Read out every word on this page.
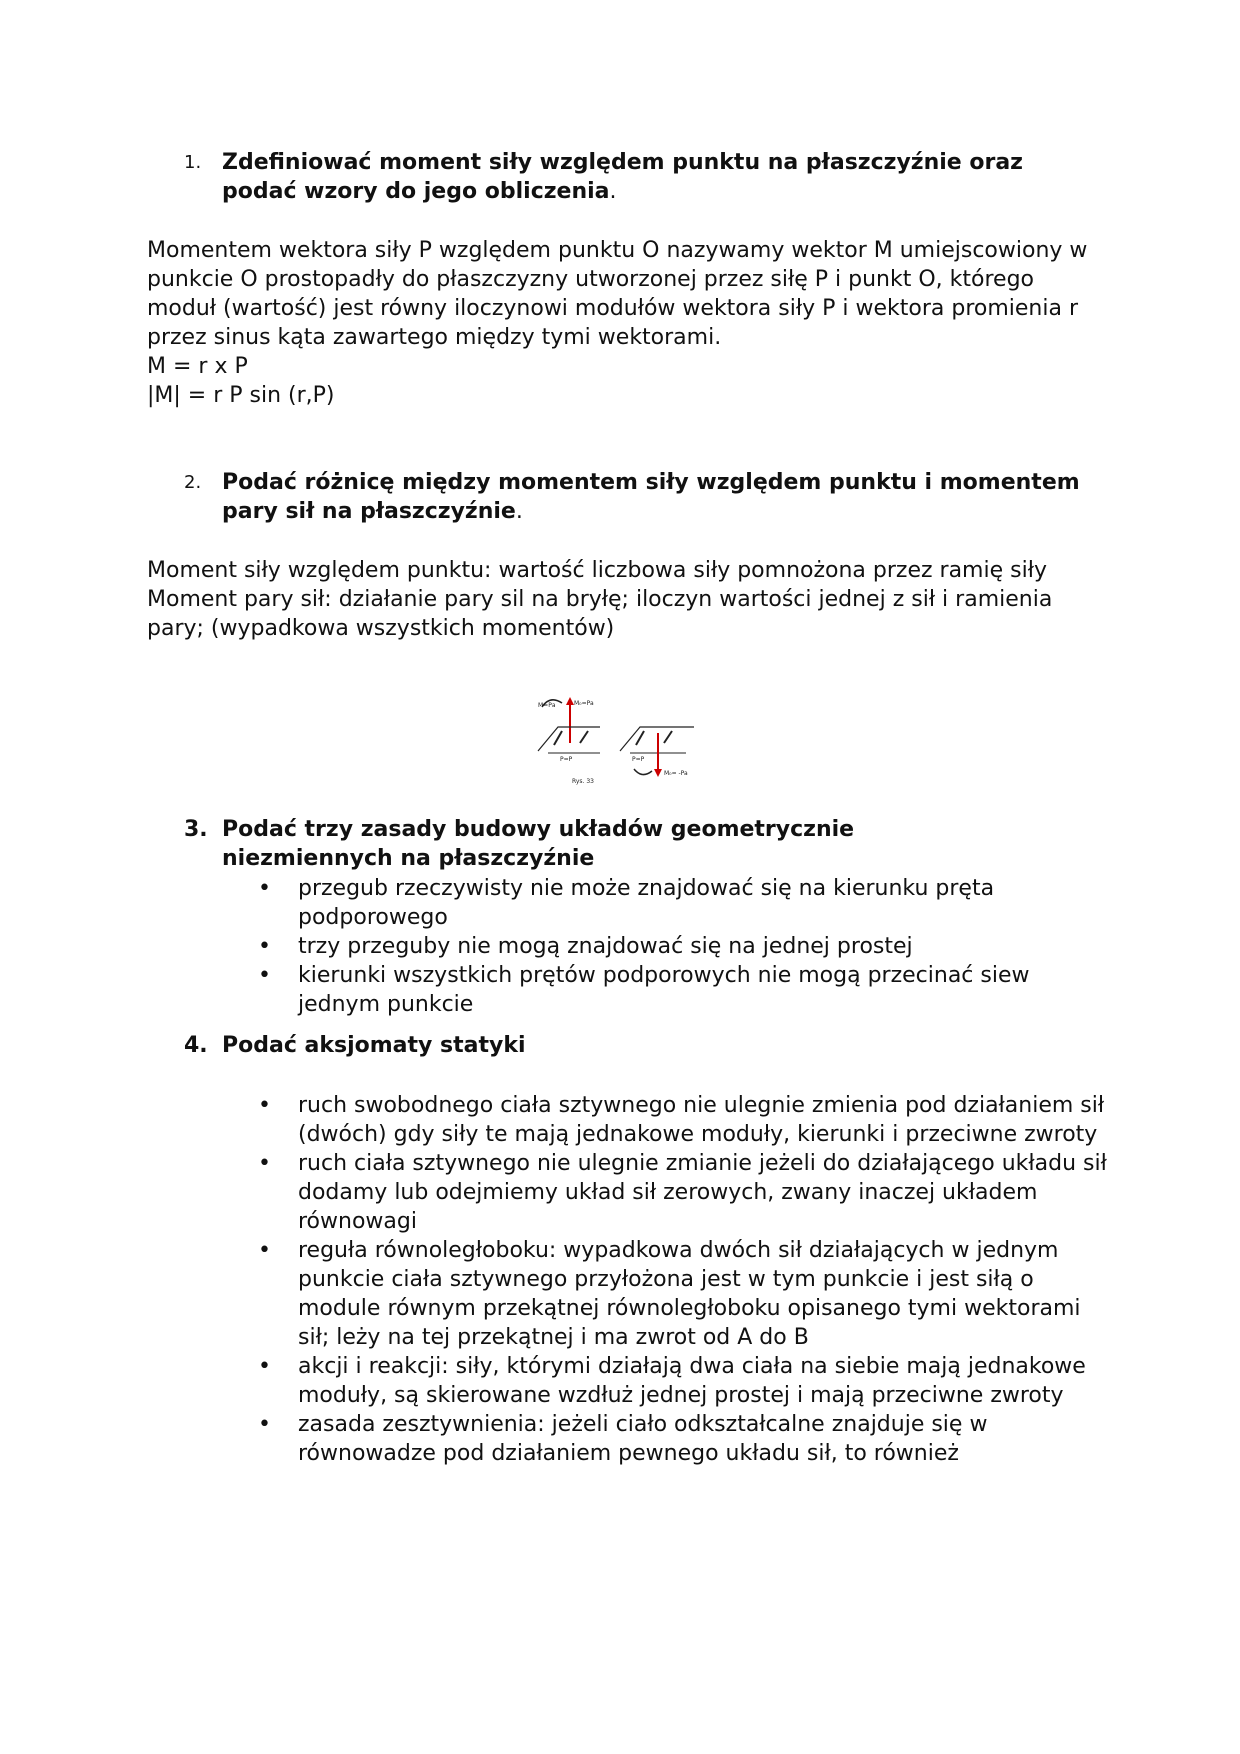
1. Zdefiniować moment siły względem punktu na płaszczyźnie oraz podać wzory do jego obliczenia.

Momentem wektora siły P względem punktu O nazywamy wektor M umiejscowiony w punkcie O prostopadły do płaszczyzny utworzonej przez siłę P i punkt O, którego moduł (wartość) jest równy iloczynowi modułów wektora siły P i wektora promienia r przez sinus kąta zawartego między tymi wektorami.

M = r x P

|M| = r P sin (r,P)

2. Podać różnicę między momentem siły względem punktu i momentem pary sił na płaszczyźnie.

Moment siły względem punktu: wartość liczbowa siły pomnożona przez ramię siły

Moment pary sił: działanie pary sil na bryłę; iloczyn wartości jednej z sił i ramienia pary; (wypadkowa wszystkich momentów)

Μ=Ρa	M₀=Pa
P=P	P=P
M₀= -Pa
Rys. 33
3. Podać trzy zasady budowy układów geometrycznie niezmiennych na płaszczyźnie
• przegub rzeczywisty nie może znajdować się na kierunku pręta podporowego
• trzy przeguby nie mogą znajdować się na jednej prostej
• kierunki wszystkich prętów podporowych nie mogą przecinać siew jednym punkcie
4. Podać aksjomaty statyki
• ruch swobodnego ciała sztywnego nie ulegnie zmienia pod działaniem sił (dwóch) gdy siły te mają jednakowe moduły, kierunki i przeciwne zwroty
• ruch ciała sztywnego nie ulegnie zmianie jeżeli do działającego układu sił dodamy lub odejmiemy układ sił zerowych, zwany inaczej układem równowagi
• reguła równoległoboku: wypadkowa dwóch sił działających w jednym punkcie ciała sztywnego przyłożona jest w tym punkcie i jest siłą o module równym przekątnej równoległoboku opisanego tymi wektorami sił; leży na tej przekątnej i ma zwrot od A do B
• akcji i reakcji: siły, którymi działają dwa ciała na siebie mają jednakowe moduły, są skierowane wzdłuż jednej prostej i mają przeciwne zwroty
• zasada zesztywnienia: jeżeli ciało odkształcalne znajduje się w równowadze pod działaniem pewnego układu sił, to również
